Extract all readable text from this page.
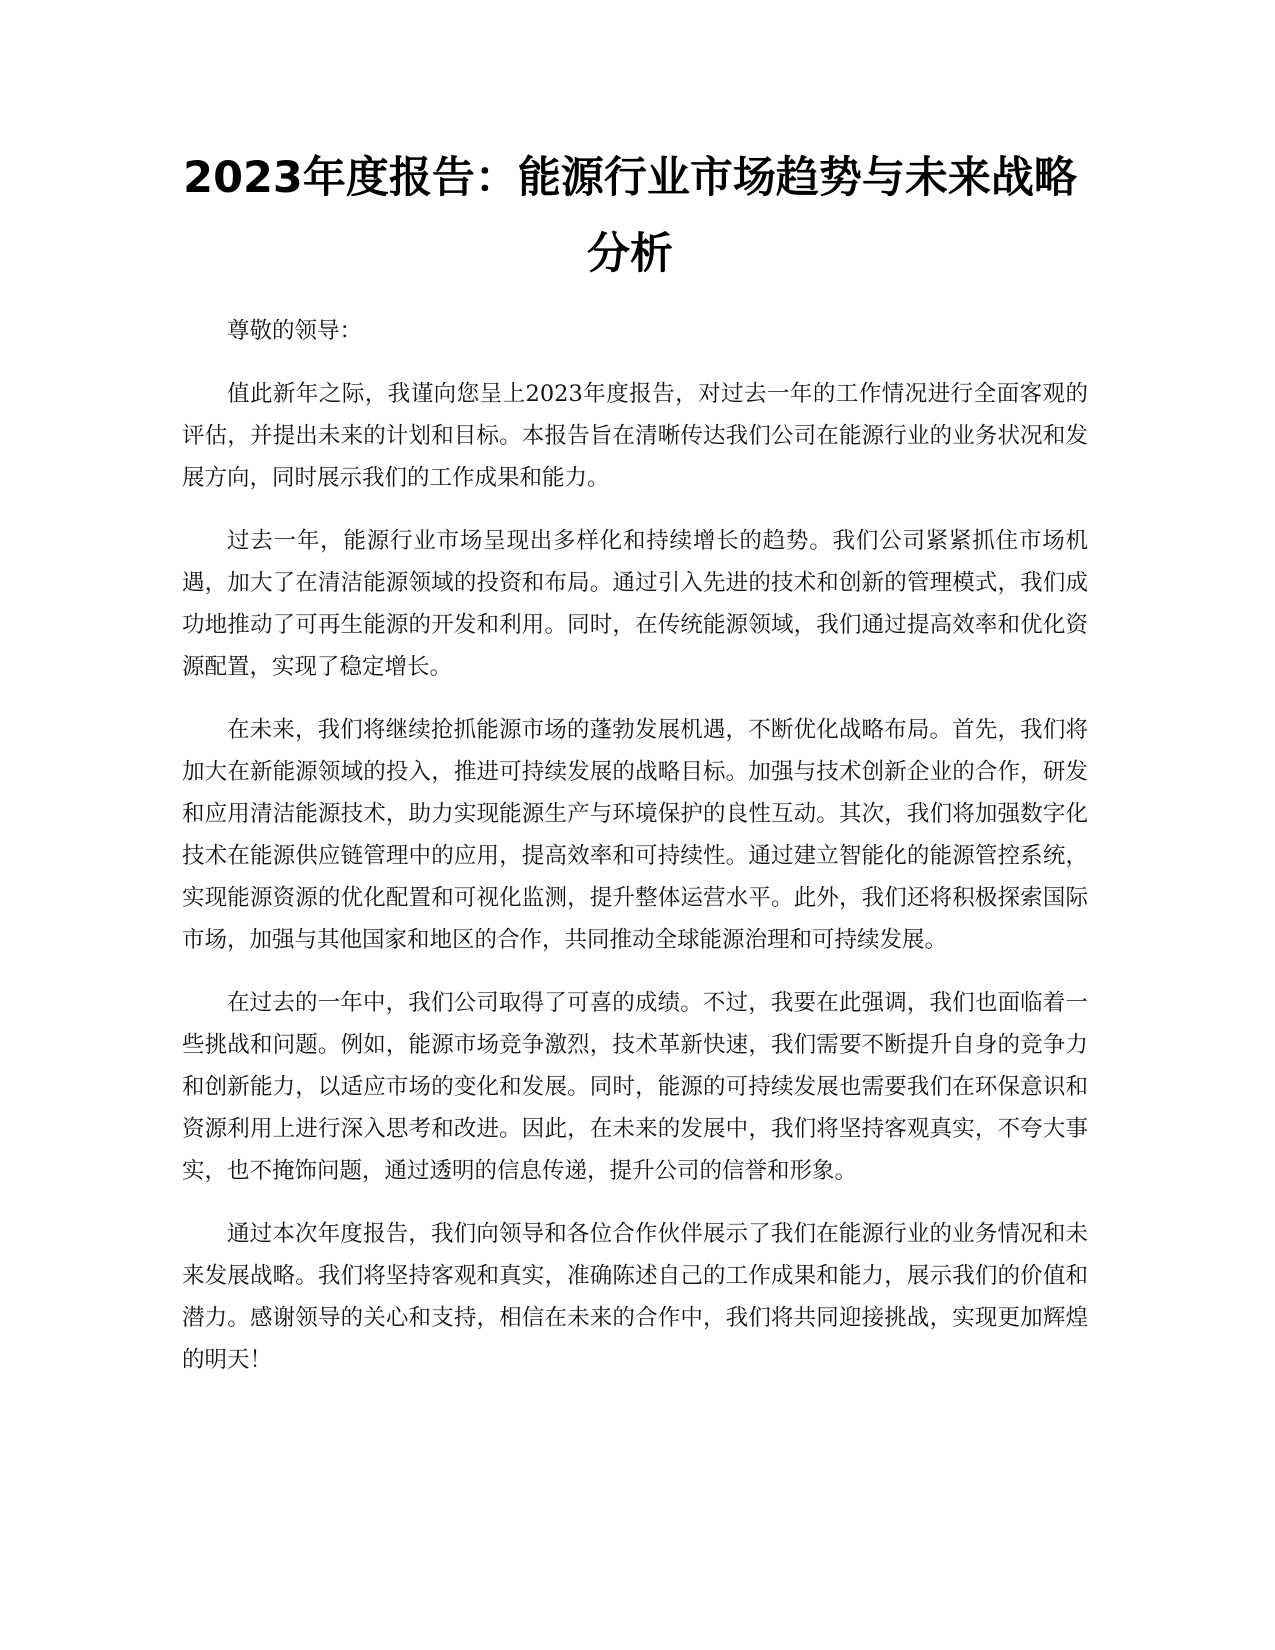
2023年度报告：能源行业市场趋势与未来战略分析

尊敬的领导：

值此新年之际，我谨向您呈上2023年度报告，对过去一年的工作情况进行全面客观的评估，并提出未来的计划和目标。本报告旨在清晰传达我们公司在能源行业的业务状况和发展方向，同时展示我们的工作成果和能力。

过去一年，能源行业市场呈现出多样化和持续增长的趋势。我们公司紧紧抓住市场机遇，加大了在清洁能源领域的投资和布局。通过引入先进的技术和创新的管理模式，我们成功地推动了可再生能源的开发和利用。同时，在传统能源领域，我们通过提高效率和优化资源配置，实现了稳定增长。

在未来，我们将继续抢抓能源市场的蓬勃发展机遇，不断优化战略布局。首先，我们将加大在新能源领域的投入，推进可持续发展的战略目标。加强与技术创新企业的合作，研发和应用清洁能源技术，助力实现能源生产与环境保护的良性互动。其次，我们将加强数字化技术在能源供应链管理中的应用，提高效率和可持续性。通过建立智能化的能源管控系统，实现能源资源的优化配置和可视化监测，提升整体运营水平。此外，我们还将积极探索国际市场，加强与其他国家和地区的合作，共同推动全球能源治理和可持续发展。

在过去的一年中，我们公司取得了可喜的成绩。不过，我要在此强调，我们也面临着一些挑战和问题。例如，能源市场竞争激烈，技术革新快速，我们需要不断提升自身的竞争力和创新能力，以适应市场的变化和发展。同时，能源的可持续发展也需要我们在环保意识和资源利用上进行深入思考和改进。因此，在未来的发展中，我们将坚持客观真实，不夸大事实，也不掩饰问题，通过透明的信息传递，提升公司的信誉和形象。

通过本次年度报告，我们向领导和各位合作伙伴展示了我们在能源行业的业务情况和未来发展战略。我们将坚持客观和真实，准确陈述自己的工作成果和能力，展示我们的价值和潜力。感谢领导的关心和支持，相信在未来的合作中，我们将共同迎接挑战，实现更加辉煌的明天！
